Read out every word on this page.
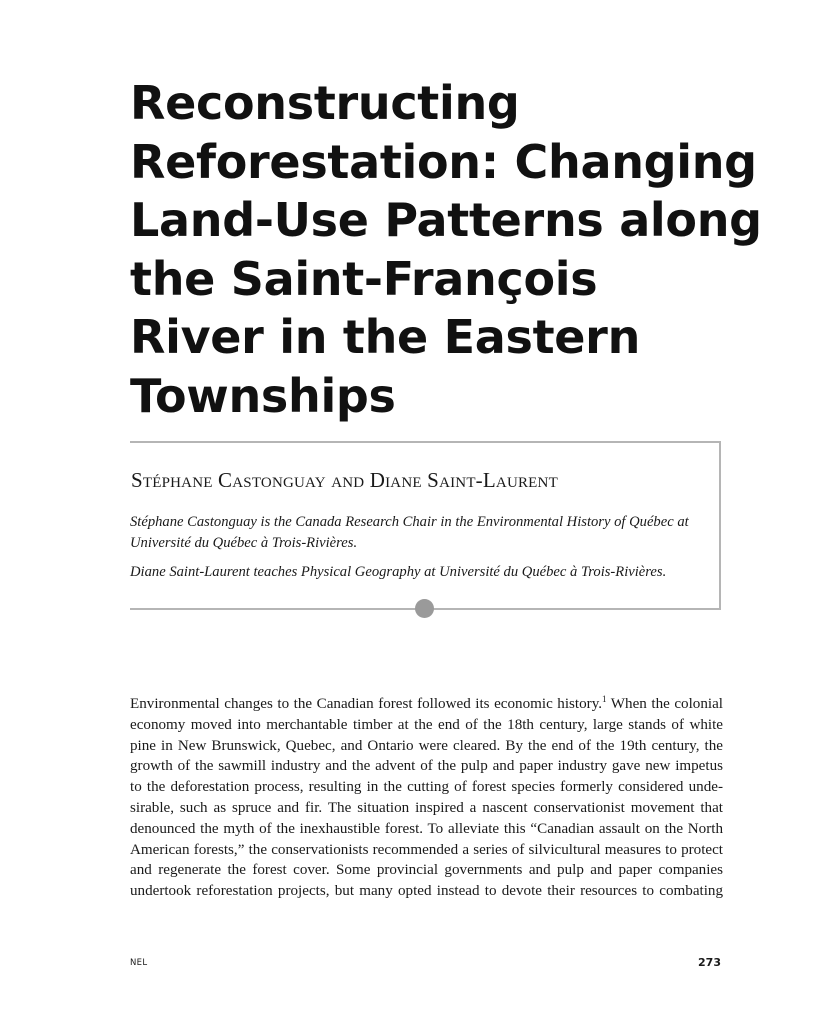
Reconstructing
Reforestation: Changing
Land-Use Patterns along
the Saint-François
River in the Eastern
Townships

Stéphane Castonguay and Diane Saint-Laurent

Stéphane Castonguay is the Canada Research Chair in the Environmental History of Québec at Université du Québec à Trois-Rivières.

Diane Saint-Laurent teaches Physical Geography at Université du Québec à Trois-Rivières.

Environmental changes to the Canadian forest followed its economic history.$^1$ When the colonial
economy moved into merchantable timber at the end of the 18th century, large stands of white
pine in New Brunswick, Quebec, and Ontario were cleared. By the end of the 19th century, the
growth of the sawmill industry and the advent of the pulp and paper industry gave new impetus
to the deforestation process, resulting in the cutting of forest species formerly considered unde-
sirable, such as spruce and fir. The situation inspired a nascent conservationist movement that
denounced the myth of the inexhaustible forest. To alleviate this “Canadian assault on the North
American forests,” the conservationists recommended a series of silvicultural measures to protect
and regenerate the forest cover. Some provincial governments and pulp and paper companies
undertook reforestation projects, but many opted instead to devote their resources to combating
NEL	273
